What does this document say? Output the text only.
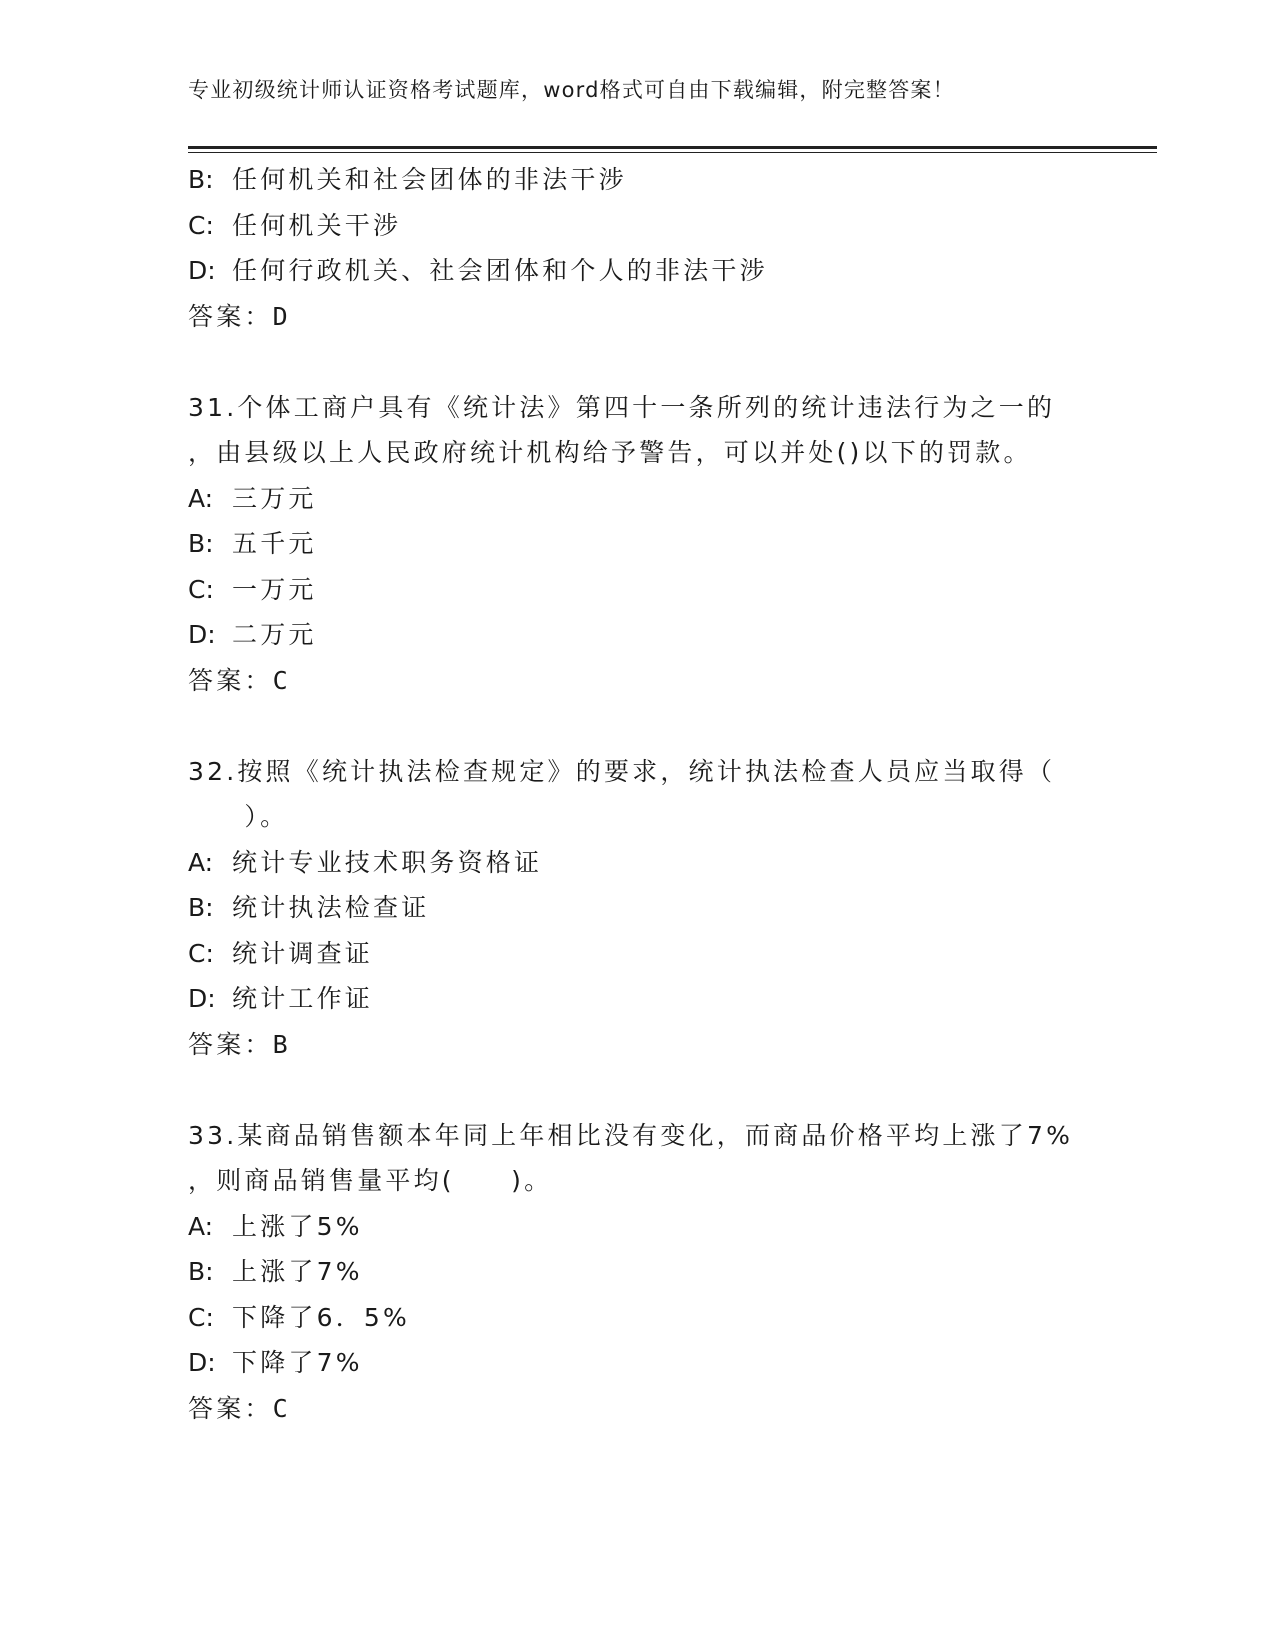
专业初级统计师认证资格考试题库，word格式可自由下载编辑，附完整答案！
B: 任何机关和社会团体的非法干涉
C: 任何机关干涉
D: 任何行政机关、社会团体和个人的非法干涉
答案：D
31.个体工商户具有《统计法》第四十一条所列的统计违法行为之一的
，由县级以上人民政府统计机构给予警告，可以并处()以下的罚款。
A: 三万元
B: 五千元
C: 一万元
D: 二万元
答案：C
32.按照《统计执法检查规定》的要求，统计执法检查人员应当取得（
　　）。
A: 统计专业技术职务资格证
B: 统计执法检查证
C: 统计调查证
D: 统计工作证
答案：B
33.某商品销售额本年同上年相比没有变化，而商品价格平均上涨了7%
，则商品销售量平均(　　)。
A: 上涨了5%
B: 上涨了7%
C: 下降了6．5%
D: 下降了7%
答案：C
